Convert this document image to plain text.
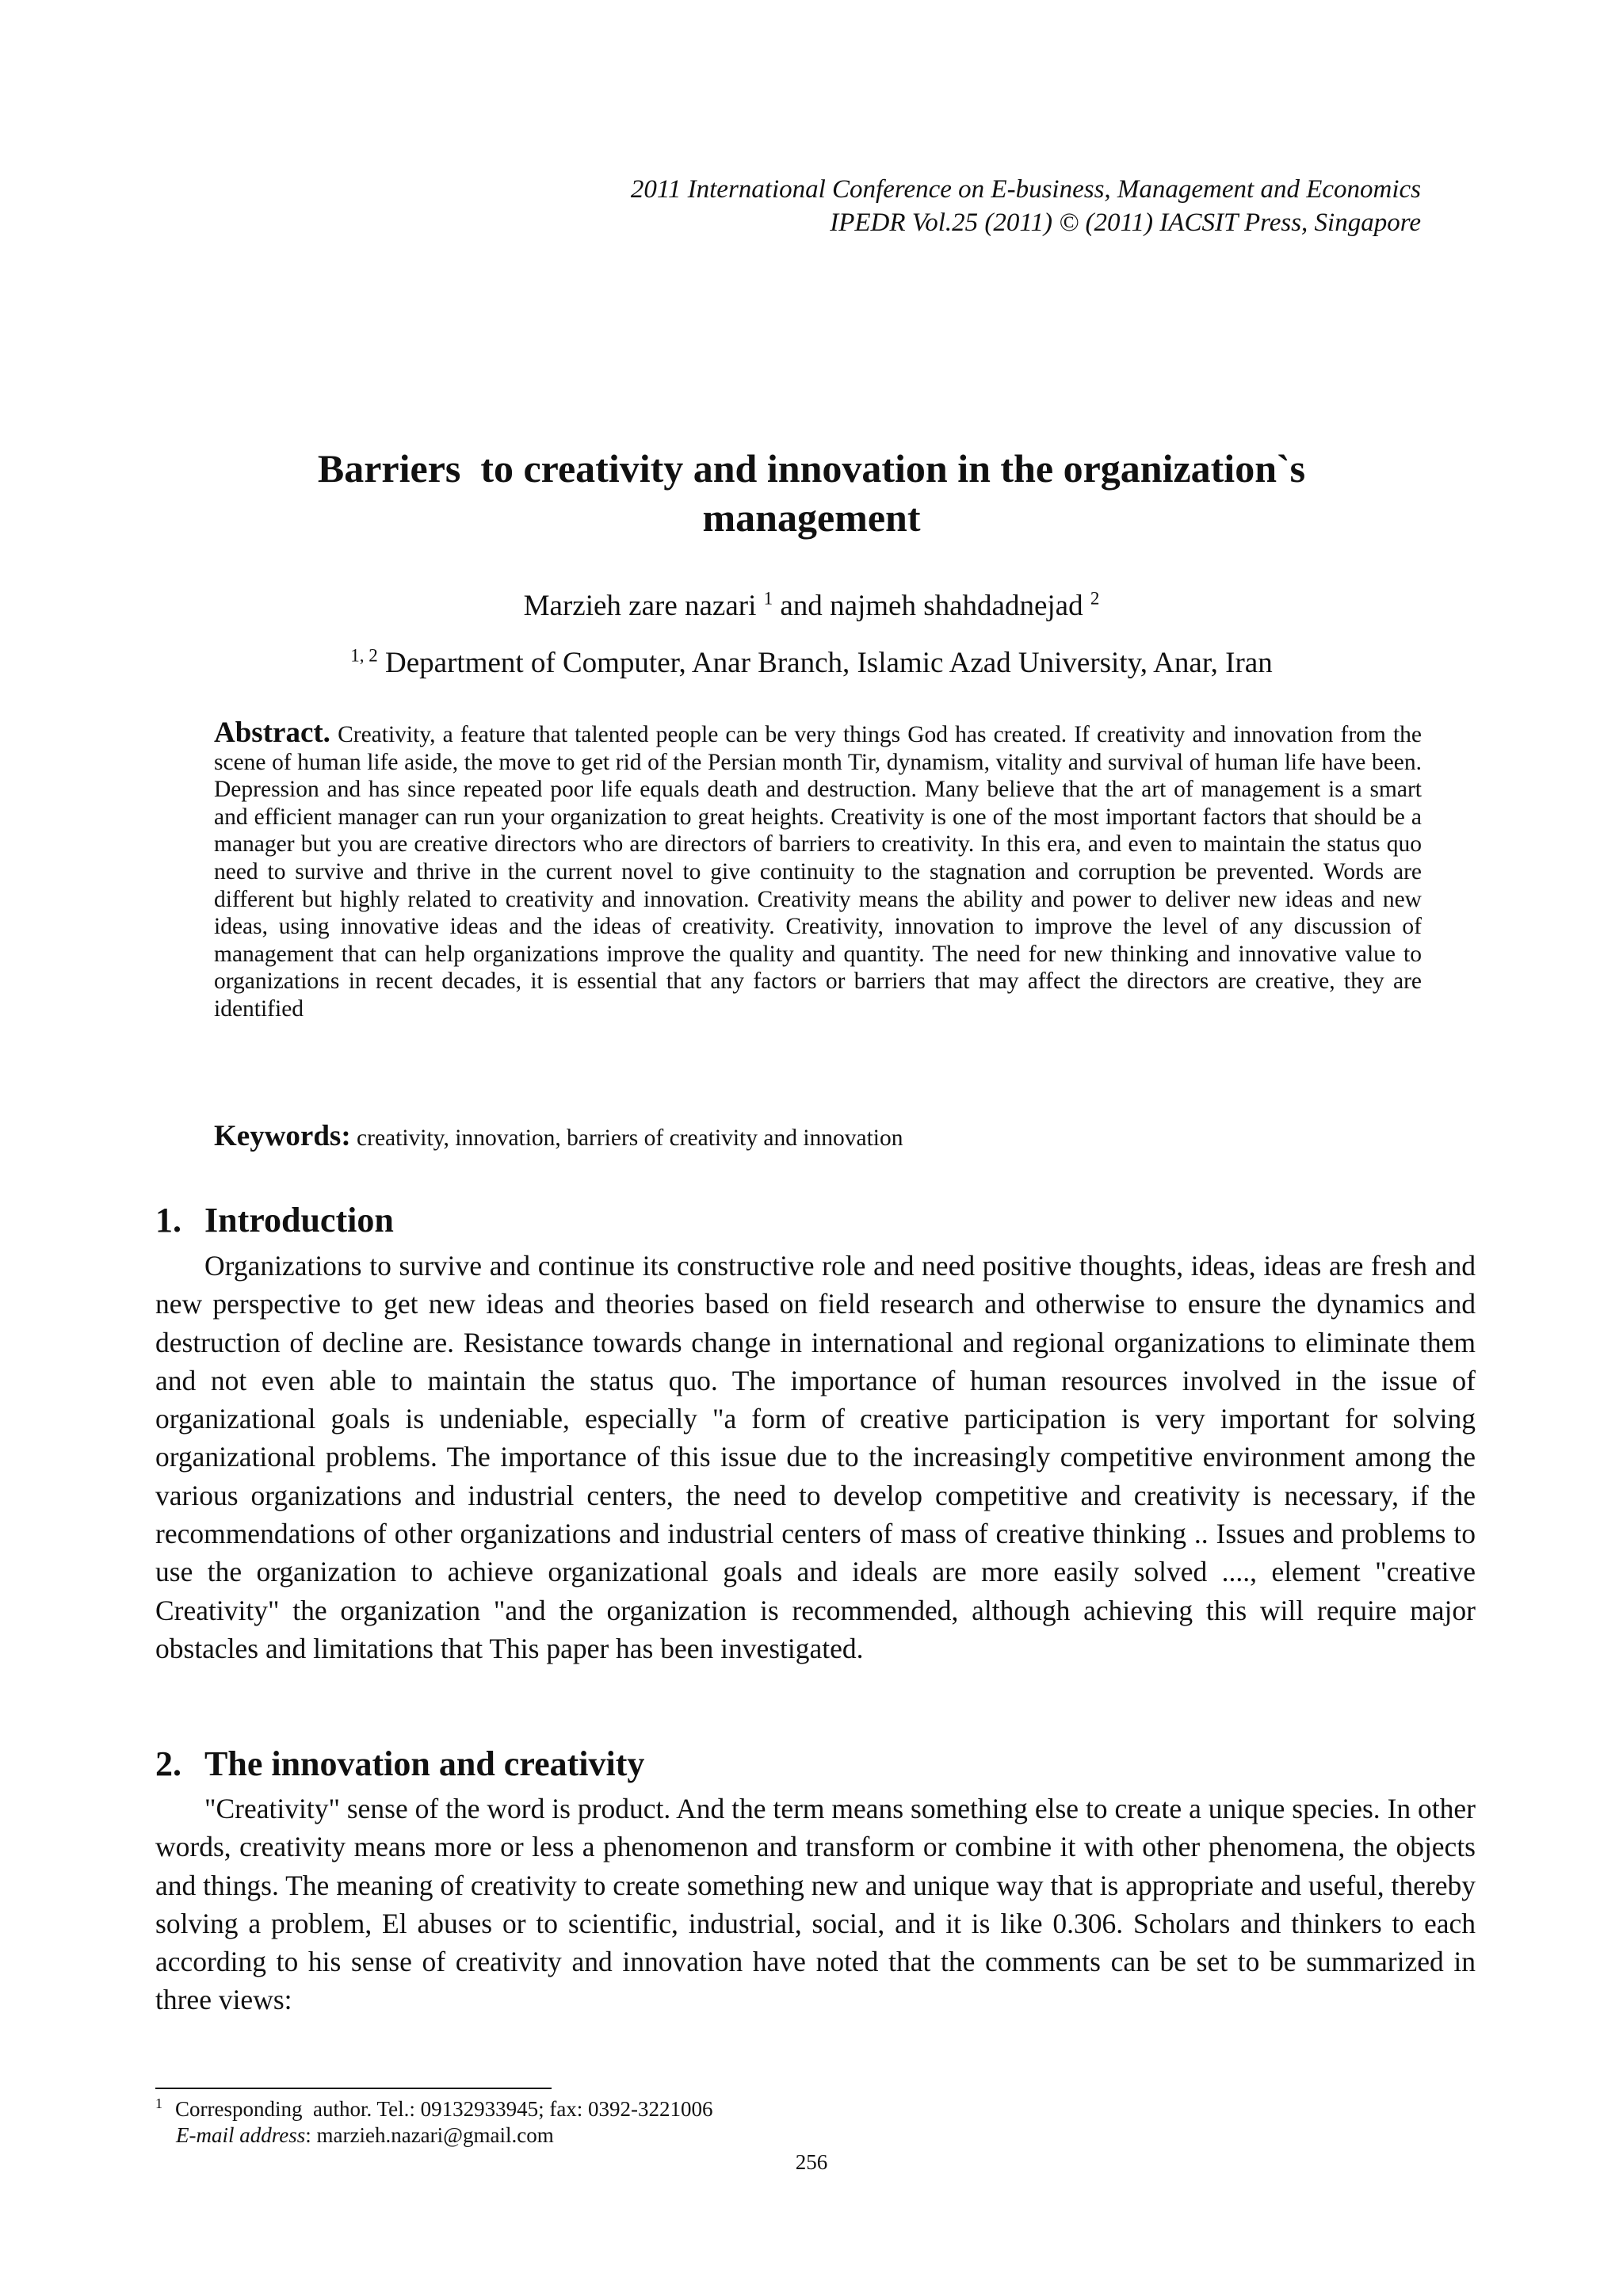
2011 International Conference on E-business, Management and Economics
IPEDR Vol.25 (2011) © (2011) IACSIT Press, Singapore
Barriers  to creativity and innovation in the organization`s
management
Marzieh zare nazari $^1$ and najmeh shahdadnejad $^2$
$^{1, 2}$ Department of Computer, Anar Branch, Islamic Azad University, Anar, Iran
Abstract. Creativity, a feature that talented people can be very things God has created. If creativity and innovation from the scene of human life aside, the move to get rid of the Persian month Tir, dynamism, vitality and survival of human life have been. Depression and has since repeated poor life equals death and destruction. Many believe that the art of management is a smart and efficient manager can run your organization to great heights. Creativity is one of the most important factors that should be a manager but you are creative directors who are directors of barriers to creativity. In this era, and even to maintain the status quo need to survive and thrive in the current novel to give continuity to the stagnation and corruption be prevented. Words are different but highly related to creativity and innovation. Creativity means the ability and power to deliver new ideas and new ideas, using innovative ideas and the ideas of creativity. Creativity, innovation to improve the level of any discussion of management that can help organizations improve the quality and quantity. The need for new thinking and innovative value to organizations in recent decades, it is essential that any factors or barriers that may affect the directors are creative, they are identified
Keywords: creativity, innovation, barriers of creativity and innovation
1. Introduction
Organizations to survive and continue its constructive role and need positive thoughts, ideas, ideas are fresh and new perspective to get new ideas and theories based on field research and otherwise to ensure the dynamics and destruction of decline are. Resistance towards change in international and regional organizations to eliminate them and not even able to maintain the status quo. The importance of human resources involved in the issue of organizational goals is undeniable, especially "a form of creative participation is very important for solving organizational problems. The importance of this issue due to the increasingly competitive environment among the various organizations and industrial centers, the need to develop competitive and creativity is necessary, if the recommendations of other organizations and industrial centers of mass of creative thinking .. Issues and problems to use the organization to achieve organizational goals and ideals are more easily solved ...., element "creative Creativity" the organization "and the organization is recommended, although achieving this will require major obstacles and limitations that This paper has been investigated.
2. The innovation and creativity
"Creativity" sense of the word is product. And the term means something else to create a unique species. In other words, creativity means more or less a phenomenon and transform or combine it with other phenomena, the objects and things. The meaning of creativity to create something new and unique way that is appropriate and useful, thereby solving a problem, El abuses or to scientific, industrial, social, and it is like 0.306. Scholars and thinkers to each according to his sense of creativity and innovation have noted that the comments can be set to be summarized in three views:
$^1$ Corresponding  author. Tel.: 09132933945; fax: 0392-3221006
E-mail address: marzieh.nazari@gmail.com
256
